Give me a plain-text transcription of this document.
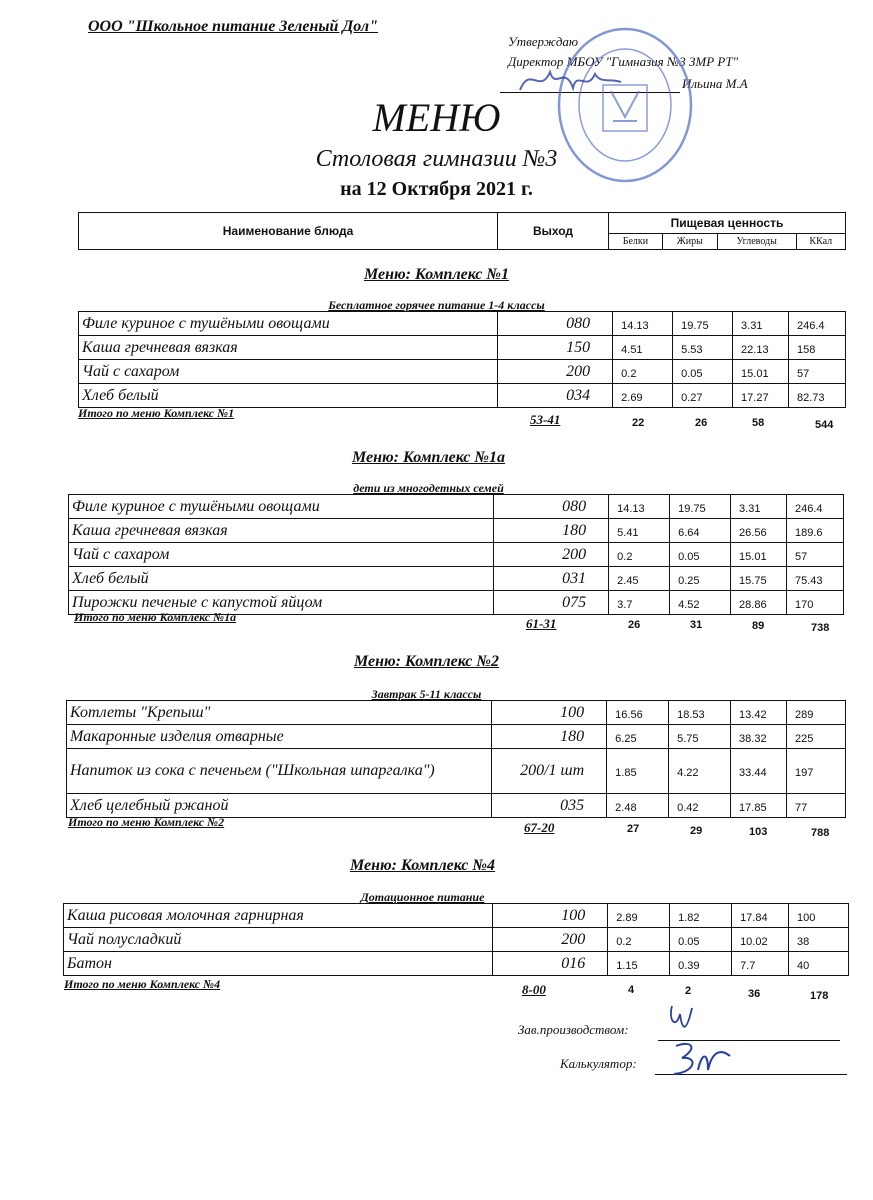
ООО "Школьное питание Зеленый Дол"
Утверждаю
Директор МБОУ "Гимназия №3 ЗМР РТ"
Ильина М.А
МЕНЮ
Столовая гимназии №3
на 12 Октября 2021 г.
Наименование блюда	Выход	Пищевая ценность			
		Белки	Жиры	Углеводы	ККал
Меню: Комплекс №1
Бесплатное горячее питание 1-4 классы
Филе куриное с тушёными овощами	080	14.13	19.75	3.31	246.4
Каша гречневая вязкая	150	4.51	5.53	22.13	158
Чай с сахаром	200	0.2	0.05	15.01	57
Хлеб белый	034	2.69	0.27	17.27	82.73
Итого по меню Комплекс №1	53-41	22	26	58	544
Меню: Комплекс №1а
дети из многодетных семей
Филе куриное с тушёными овощами	080	14.13	19.75	3.31	246.4
Каша гречневая вязкая	180	5.41	6.64	26.56	189.6
Чай с сахаром	200	0.2	0.05	15.01	57
Хлеб белый	031	2.45	0.25	15.75	75.43
Пирожки печеные с капустой яйцом	075	3.7	4.52	28.86	170
Итого по меню Комплекс №1а	61-31	26	31	89	738
Меню: Комплекс №2
Завтрак 5-11 классы
Котлеты "Крепыш"	100	16.56	18.53	13.42	289
Макаронные изделия отварные	180	6.25	5.75	38.32	225
Напиток из сока с печеньем ("Школьная шпаргалка")	200/1 шт	1.85	4.22	33.44	197
Хлеб целебный ржаной	035	2.48	0.42	17.85	77
Итого по меню Комплекс №2	67-20	27	29	103	788
Меню: Комплекс №4
Дотационное питание
Каша рисовая молочная гарнирная	100	2.89	1.82	17.84	100
Чай полусладкий	200	0.2	0.05	10.02	38
Батон	016	1.15	0.39	7.7	40
Итого по меню Комплекс №4	8-00	4	2	36	178
Зав.производством:
Калькулятор:
